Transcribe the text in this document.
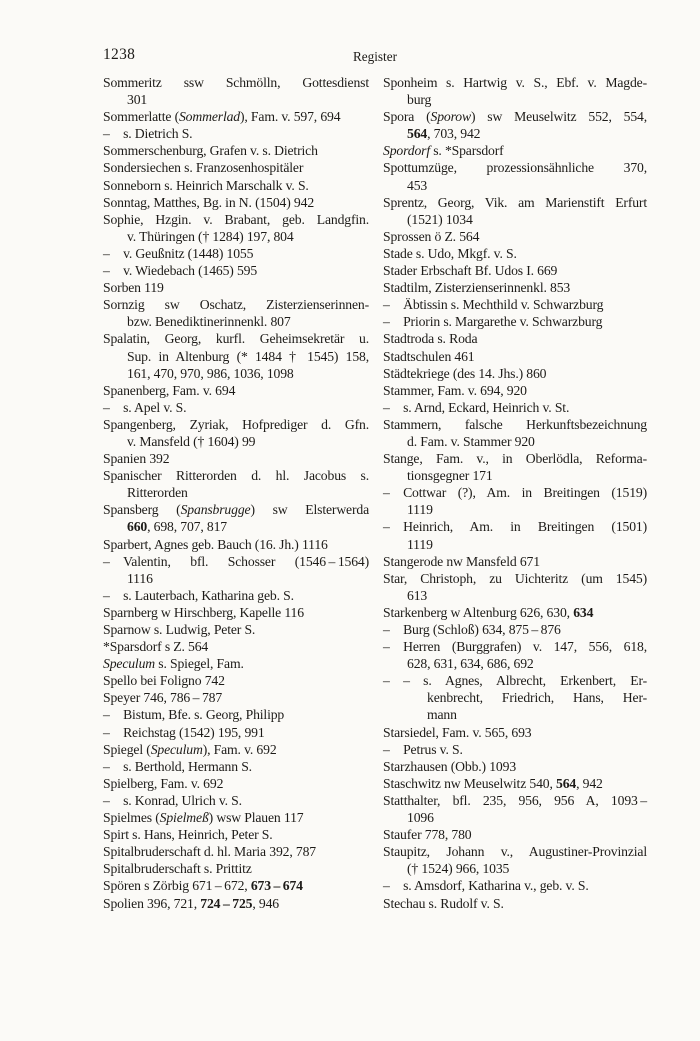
1238	Register
Sommeritz ssw Schmölln, Gottesdienst
301
Sommerlatte (Sommerlad), Fam. v. 597, 694
–  s. Dietrich S.
Sommerschenburg, Grafen v. s. Dietrich
Sondersiechen s. Franzosenhospitäler
Sonneborn s. Heinrich Marschalk v. S.
Sonntag, Matthes, Bg. in N. (1504) 942
Sophie, Hzgin. v. Brabant, geb. Landgfin.
v. Thüringen († 1284) 197, 804
–  v. Geußnitz (1448) 1055
–  v. Wiedebach (1465) 595
Sorben 119
Sornzig sw Oschatz, Zisterzienserinnen-
bzw. Benediktinerinnenkl. 807
Spalatin, Georg, kurfl. Geheimsekretär u.
Sup. in Altenburg (* 1484 † 1545) 158,
161, 470, 970, 986, 1036, 1098
Spanenberg, Fam. v. 694
–  s. Apel v. S.
Spangenberg, Zyriak, Hofprediger d. Gfn.
v. Mansfeld († 1604) 99
Spanien 392
Spanischer Ritterorden d. hl. Jacobus s.
Ritterorden
Spansberg (Spansbrugge) sw Elsterwerda
660, 698, 707, 817
Sparbert, Agnes geb. Bauch (16. Jh.) 1116
–  Valentin, bfl. Schosser (1546 – 1564)
1116
–  s. Lauterbach, Katharina geb. S.
Sparnberg w Hirschberg, Kapelle 116
Sparnow s. Ludwig, Peter S.
*Sparsdorf s Z. 564
Speculum s. Spiegel, Fam.
Spello bei Foligno 742
Speyer 746, 786 – 787
–  Bistum, Bfe. s. Georg, Philipp
–  Reichstag (1542) 195, 991
Spiegel (Speculum), Fam. v. 692
–  s. Berthold, Hermann S.
Spielberg, Fam. v. 692
–  s. Konrad, Ulrich v. S.
Spielmes (Spielmeß) wsw Plauen 117
Spirt s. Hans, Heinrich, Peter S.
Spitalbruderschaft d. hl. Maria 392, 787
Spitalbruderschaft s. Prittitz
Spören s Zörbig 671 – 672, 673 – 674
Spolien 396, 721, 724 – 725, 946
Sponheim s. Hartwig v. S., Ebf. v. Magde-
burg
Spora (Sporow) sw Meuselwitz 552, 554,
564, 703, 942
Spordorf s. *Sparsdorf
Spottumzüge, prozessionsähnliche 370,
453
Sprentz, Georg, Vik. am Marienstift Erfurt
(1521) 1034
Sprossen ö Z. 564
Stade s. Udo, Mkgf. v. S.
Stader Erbschaft Bf. Udos I. 669
Stadtilm, Zisterzienserinnenkl. 853
–  Äbtissin s. Mechthild v. Schwarzburg
–  Priorin s. Margarethe v. Schwarzburg
Stadtroda s. Roda
Stadtschulen 461
Städtekriege (des 14. Jhs.) 860
Stammer, Fam. v. 694, 920
–  s. Arnd, Eckard, Heinrich v. St.
Stammern, falsche Herkunftsbezeichnung
d. Fam. v. Stammer 920
Stange, Fam. v., in Oberlödla, Reforma-
tionsgegner 171
–  Cottwar (?), Am. in Breitingen (1519)
1119
–  Heinrich, Am. in Breitingen (1501)
1119
Stangerode nw Mansfeld 671
Star, Christoph, zu Uichteritz (um 1545)
613
Starkenberg w Altenburg 626, 630, 634
–  Burg (Schloß) 634, 875 – 876
–  Herren (Burggrafen) v. 147, 556, 618,
628, 631, 634, 686, 692
–  –  s. Agnes, Albrecht, Erkenbert, Er-
kenbrecht, Friedrich, Hans, Her-
mann
Starsiedel, Fam. v. 565, 693
–  Petrus v. S.
Starzhausen (Obb.) 1093
Staschwitz nw Meuselwitz 540, 564, 942
Statthalter, bfl. 235, 956, 956 A, 1093 –
1096
Staufer 778, 780
Staupitz, Johann v., Augustiner-Provinzial
(† 1524) 966, 1035
–  s. Amsdorf, Katharina v., geb. v. S.
Stechau s. Rudolf v. S.
